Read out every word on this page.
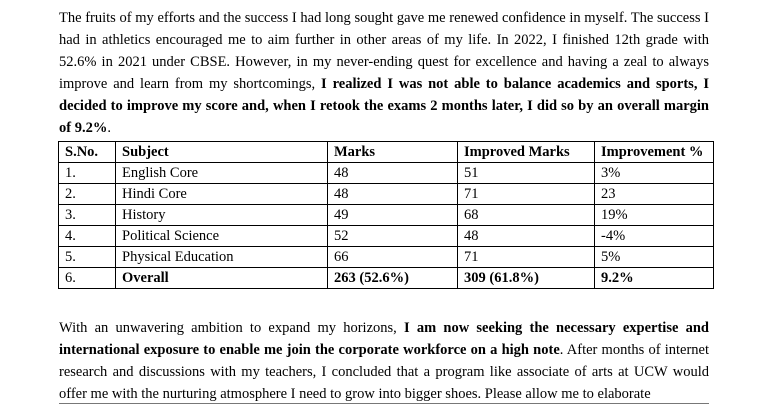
The fruits of my efforts and the success I had long sought gave me renewed confidence in myself. The success I had in athletics encouraged me to aim further in other areas of my life. In 2022, I finished 12th grade with 52.6% in 2021 under CBSE. However, in my never-ending quest for excellence and having a zeal to always improve and learn from my shortcomings, I realized I was not able to balance academics and sports, I decided to improve my score and, when I retook the exams 2 months later, I did so by an overall margin of 9.2%.
S.No.	Subject	Marks	Improved Marks	Improvement %
1.	English Core	48	51	3%
2.	Hindi Core	48	71	23
3.	History	49	68	19%
4.	Political Science	52	48	-4%
5.	Physical Education	66	71	5%
6.	Overall	263 (52.6%)	309 (61.8%)	9.2%
With an unwavering ambition to expand my horizons, I am now seeking the necessary expertise and international exposure to enable me join the corporate workforce on a high note. After months of internet research and discussions with my teachers, I concluded that a program like associate of arts at UCW would offer me with the nurturing atmosphere I need to grow into bigger shoes. Please allow me to elaborate
